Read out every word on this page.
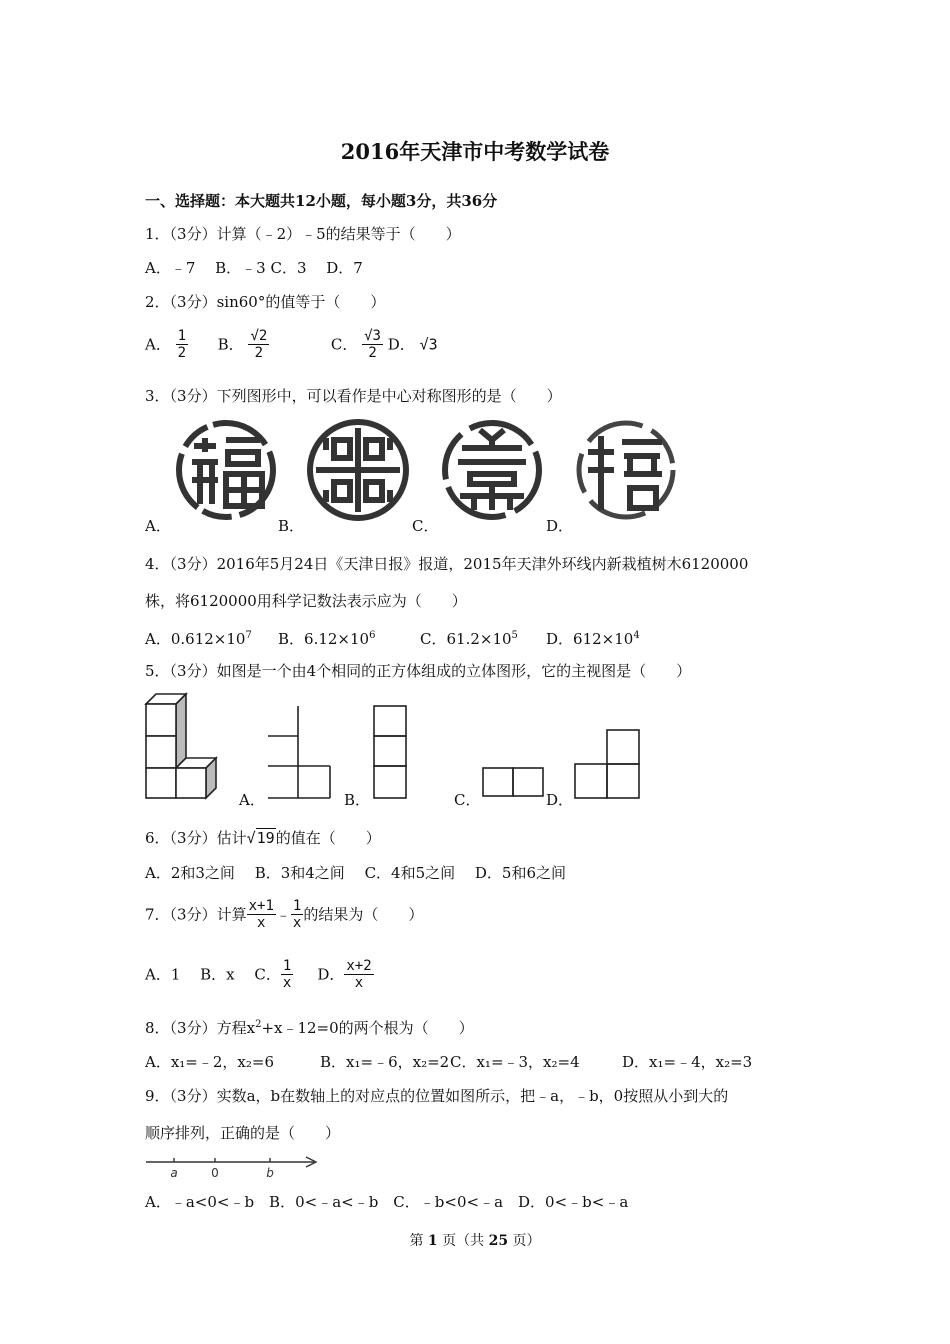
2016年天津市中考数学试卷
一、选择题：本大题共12小题，每小题3分，共36分
1．（3分）计算（﹣2）﹣5的结果等于（　　）
A．﹣7　 B．﹣3 C．3　 D．7
2．（3分）sin60°的值等于（　　）
A． $\frac{1}{2}$ B． $\frac{√2}{2}$	C． $\frac{√3}{2}$ D． √3
3．（3分）下列图形中，可以看作是中心对称图形的是（　　）
A．	B．	C．	D．
4．（3分）2016年5月24日《天津日报》报道，2015年天津外环线内新栽植树木6120000
株，将6120000用科学记数法表示应为（　　）
A．$0.612\times 10^7$ B．$6.12\times 10^6$	C．$61.2\times 10^5$ D．$612\times 10^4$
5．（3分）如图是一个由4个相同的正方体组成的立体图形，它的主视图是（　　）
A．	B．	C．	D．
6．（3分）估计√19的值在（　　）
A．2和3之间　 B．3和4之间　 C．4和5之间　 D．5和6之间
7．（3分）计算 $\frac{x+1}{x}$ ﹣ $\frac{1}{x}$ 的结果为（　　）
A．1　 B．x　 C． $\frac{1}{x}$ D． $\frac{x+2}{x}$
8．（3分）方程$x^2+x﹣12=0$的两个根为（　　）
A．x₁=﹣2，x₂=6	B．x₁=﹣6，x₂=2 C．x₁=﹣3，x₂=4	D．x₁=﹣4，x₂=3
9．（3分）实数a，b在数轴上的对应点的位置如图所示，把﹣a，﹣b，0按照从小到大的
顺序排列，正确的是（　　）
a	0	b
A．﹣a<0<﹣b　B．0<﹣a<﹣b　C．﹣b<0<﹣a　D．0<﹣b<﹣a
第 1 页（共 25 页）
